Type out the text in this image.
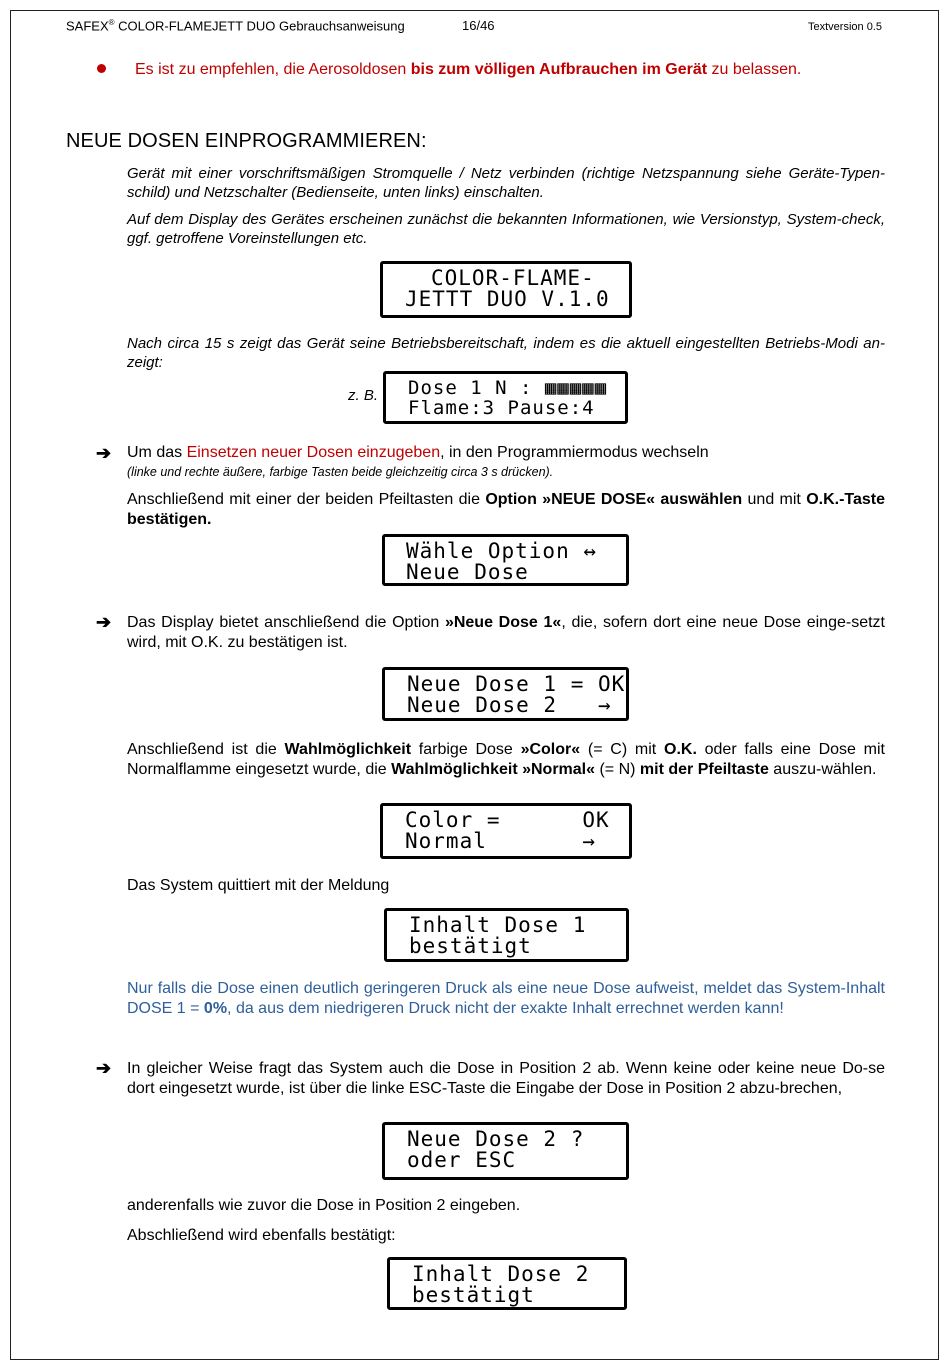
SAFEX® COLOR-FLAMEJETT DUO Gebrauchsanweisung	16/46	Textversion 0.5
Es ist zu empfehlen, die Aerosoldosen bis zum völligen Aufbrauchen im Gerät zu belassen.
NEUE DOSEN EINPROGRAMMIEREN:
Gerät mit einer vorschriftsmäßigen Stromquelle / Netz verbinden (richtige Netzspannung siehe Geräte-Typen-schild) und Netzschalter (Bedienseite, unten links) einschalten.
Auf dem Display des Gerätes erscheinen zunächst die bekannten Informationen, wie Versionstyp, System-check, ggf. getroffene Voreinstellungen etc.
COLOR-FLAME-
JETTT DUO V.1.0
Nach circa 15 s zeigt das Gerät seine Betriebsbereitschaft, indem es die aktuell eingestellten Betriebs-Modi an-zeigt:
z. B. Dose 1 N : ▦▦▦▦▦
Flame:3 Pause:4
➔ Um das Einsetzen neuer Dosen einzugeben, in den Programmiermodus wechseln
(linke und rechte äußere, farbige Tasten beide gleichzeitig circa 3 s drücken).
Anschließend mit einer der beiden Pfeiltasten die Option »NEUE DOSE« auswählen und mit O.K.-Taste bestätigen.
Wähle Option ↔
Neue Dose
➔ Das Display bietet anschließend die Option »Neue Dose 1«, die, sofern dort eine neue Dose einge-setzt wird, mit O.K. zu bestätigen ist.
Neue Dose 1 = OK
Neue Dose 2   →
Anschließend ist die Wahlmöglichkeit farbige Dose »Color« (= C) mit O.K. oder falls eine Dose mit Normalflamme eingesetzt wurde, die Wahlmöglichkeit »Normal« (= N) mit der Pfeiltaste auszu-wählen.
Color =      OK
Normal       →
Das System quittiert mit der Meldung
Inhalt Dose 1
bestätigt
Nur falls die Dose einen deutlich geringeren Druck als eine neue Dose aufweist, meldet das System-Inhalt DOSE 1 = 0%, da aus dem niedrigeren Druck nicht der exakte Inhalt errechnet werden kann!
➔ In gleicher Weise fragt das System auch die Dose in Position 2 ab. Wenn keine oder keine neue Do-se dort eingesetzt wurde, ist über die linke ESC-Taste die Eingabe der Dose in Position 2 abzu-brechen,
Neue Dose 2 ?
oder ESC
anderenfalls wie zuvor die Dose in Position 2 eingeben.
Abschließend wird ebenfalls bestätigt:
Inhalt Dose 2
bestätigt
